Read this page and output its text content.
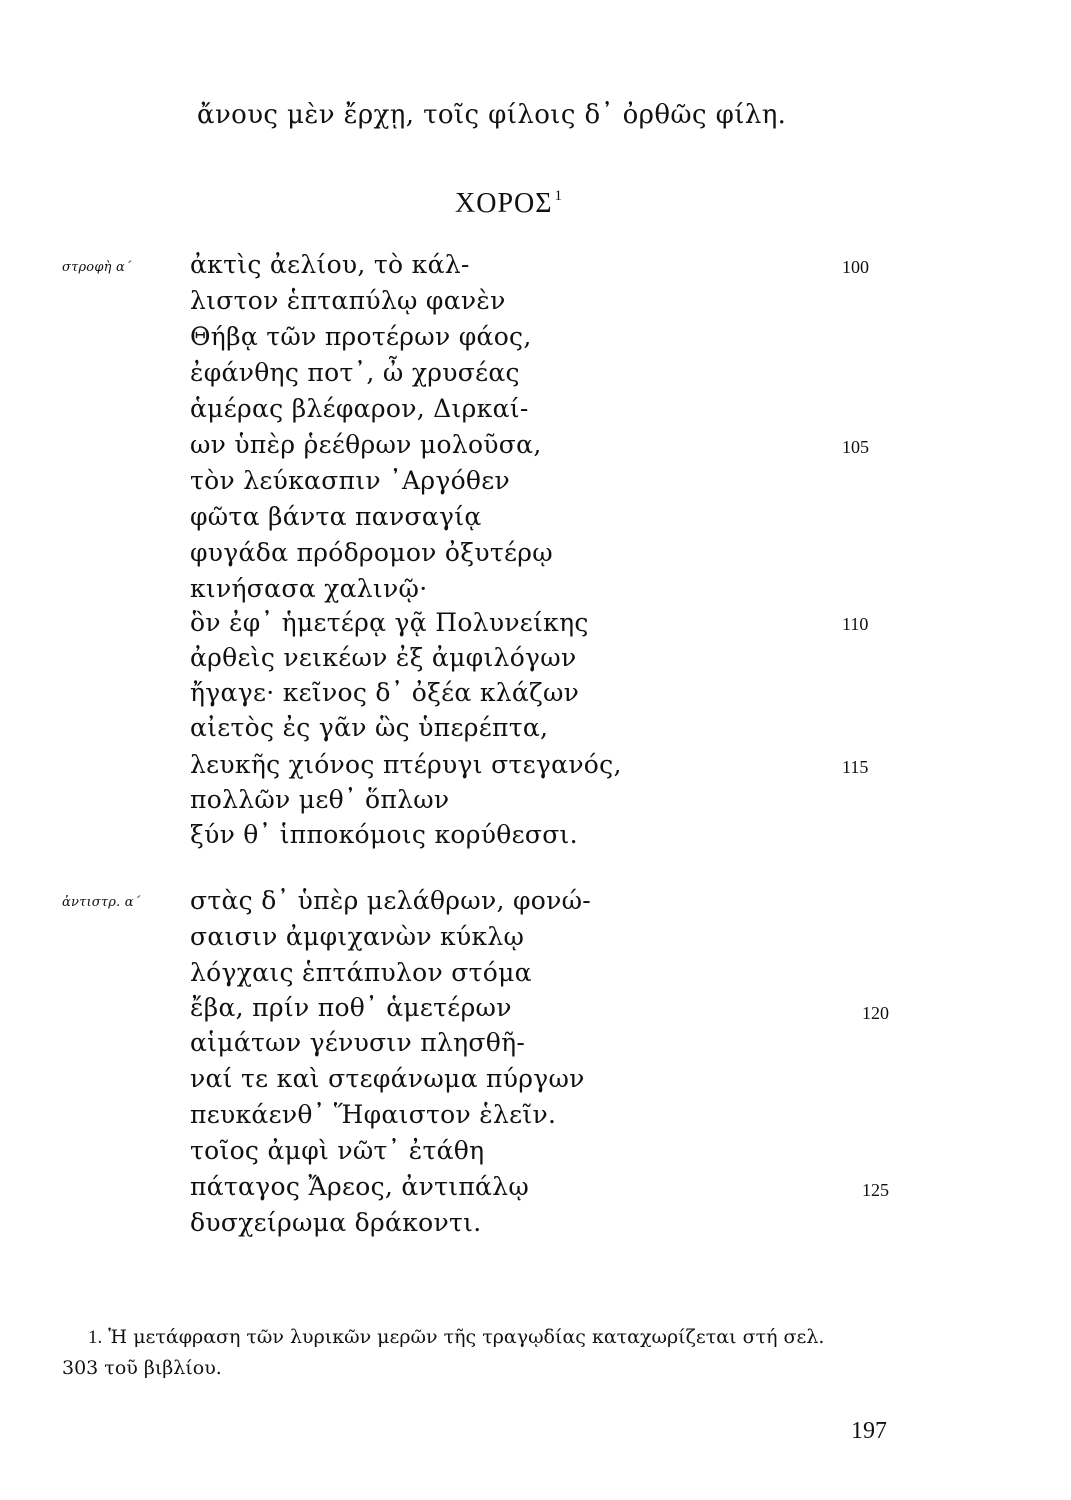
ἄνους μὲν ἔρχῃ, τοῖς φίλοις δ᾽ ὀρθῶς φίλη.
ΧΟΡΟΣ $^1$
στροφὴ α΄ ἀκτὶς ἀελίου, τὸ κάλ-
λιστον ἑπταπύλῳ φανὲν
Θήβᾳ τῶν προτέρων φάος,
ἐφάνθης ποτ᾽, ὦ χρυσέας
ἁμέρας βλέφαρον, Διρκαί-
ων ὑπὲρ ῥεέθρων μολοῦσα,
τὸν λεύκασπιν ᾽Αργόθεν
φῶτα βάντα πανσαγίᾳ
φυγάδα πρόδρομον ὀξυτέρῳ
κινήσασα χαλινῷ·
ὃν ἐφ᾽ ἡμετέρᾳ γᾷ Πολυνείκης
ἀρθεὶς νεικέων ἐξ ἀμφιλόγων
ἤγαγε· κεῖνος δ᾽ ὀξέα κλάζων
αἰετὸς ἐς γᾶν ὣς ὑπερέπτα,
λευκῆς χιόνος πτέρυγι στεγανός,
πολλῶν μεθ᾽ ὅπλων
ξύν θ᾽ ἱπποκόμοις κορύθεσσι.
100
105
110
115
ἀντιστρ. α΄ στὰς δ᾽ ὑπὲρ μελάθρων, φονώ-
σαισιν ἀμφιχανὼν κύκλῳ
λόγχαις ἑπτάπυλον στόμα
ἔβα, πρίν ποθ᾽ ἁμετέρων
αἱμάτων γένυσιν πλησθῆ-
ναί τε καὶ στεφάνωμα πύργων
πευκάενθ᾽ Ἥφαιστον ἑλεῖν.
τοῖος ἀμφὶ νῶτ᾽ ἐτάθη
πάταγος Ἄρεος, ἀντιπάλῳ
δυσχείρωμα δράκοντι.
120
125
1. Ἡ μετάφραση τῶν λυρικῶν μερῶν τῆς τραγῳδίας καταχωρίζεται στή σελ.
303 τοῦ βιβλίου.
197
